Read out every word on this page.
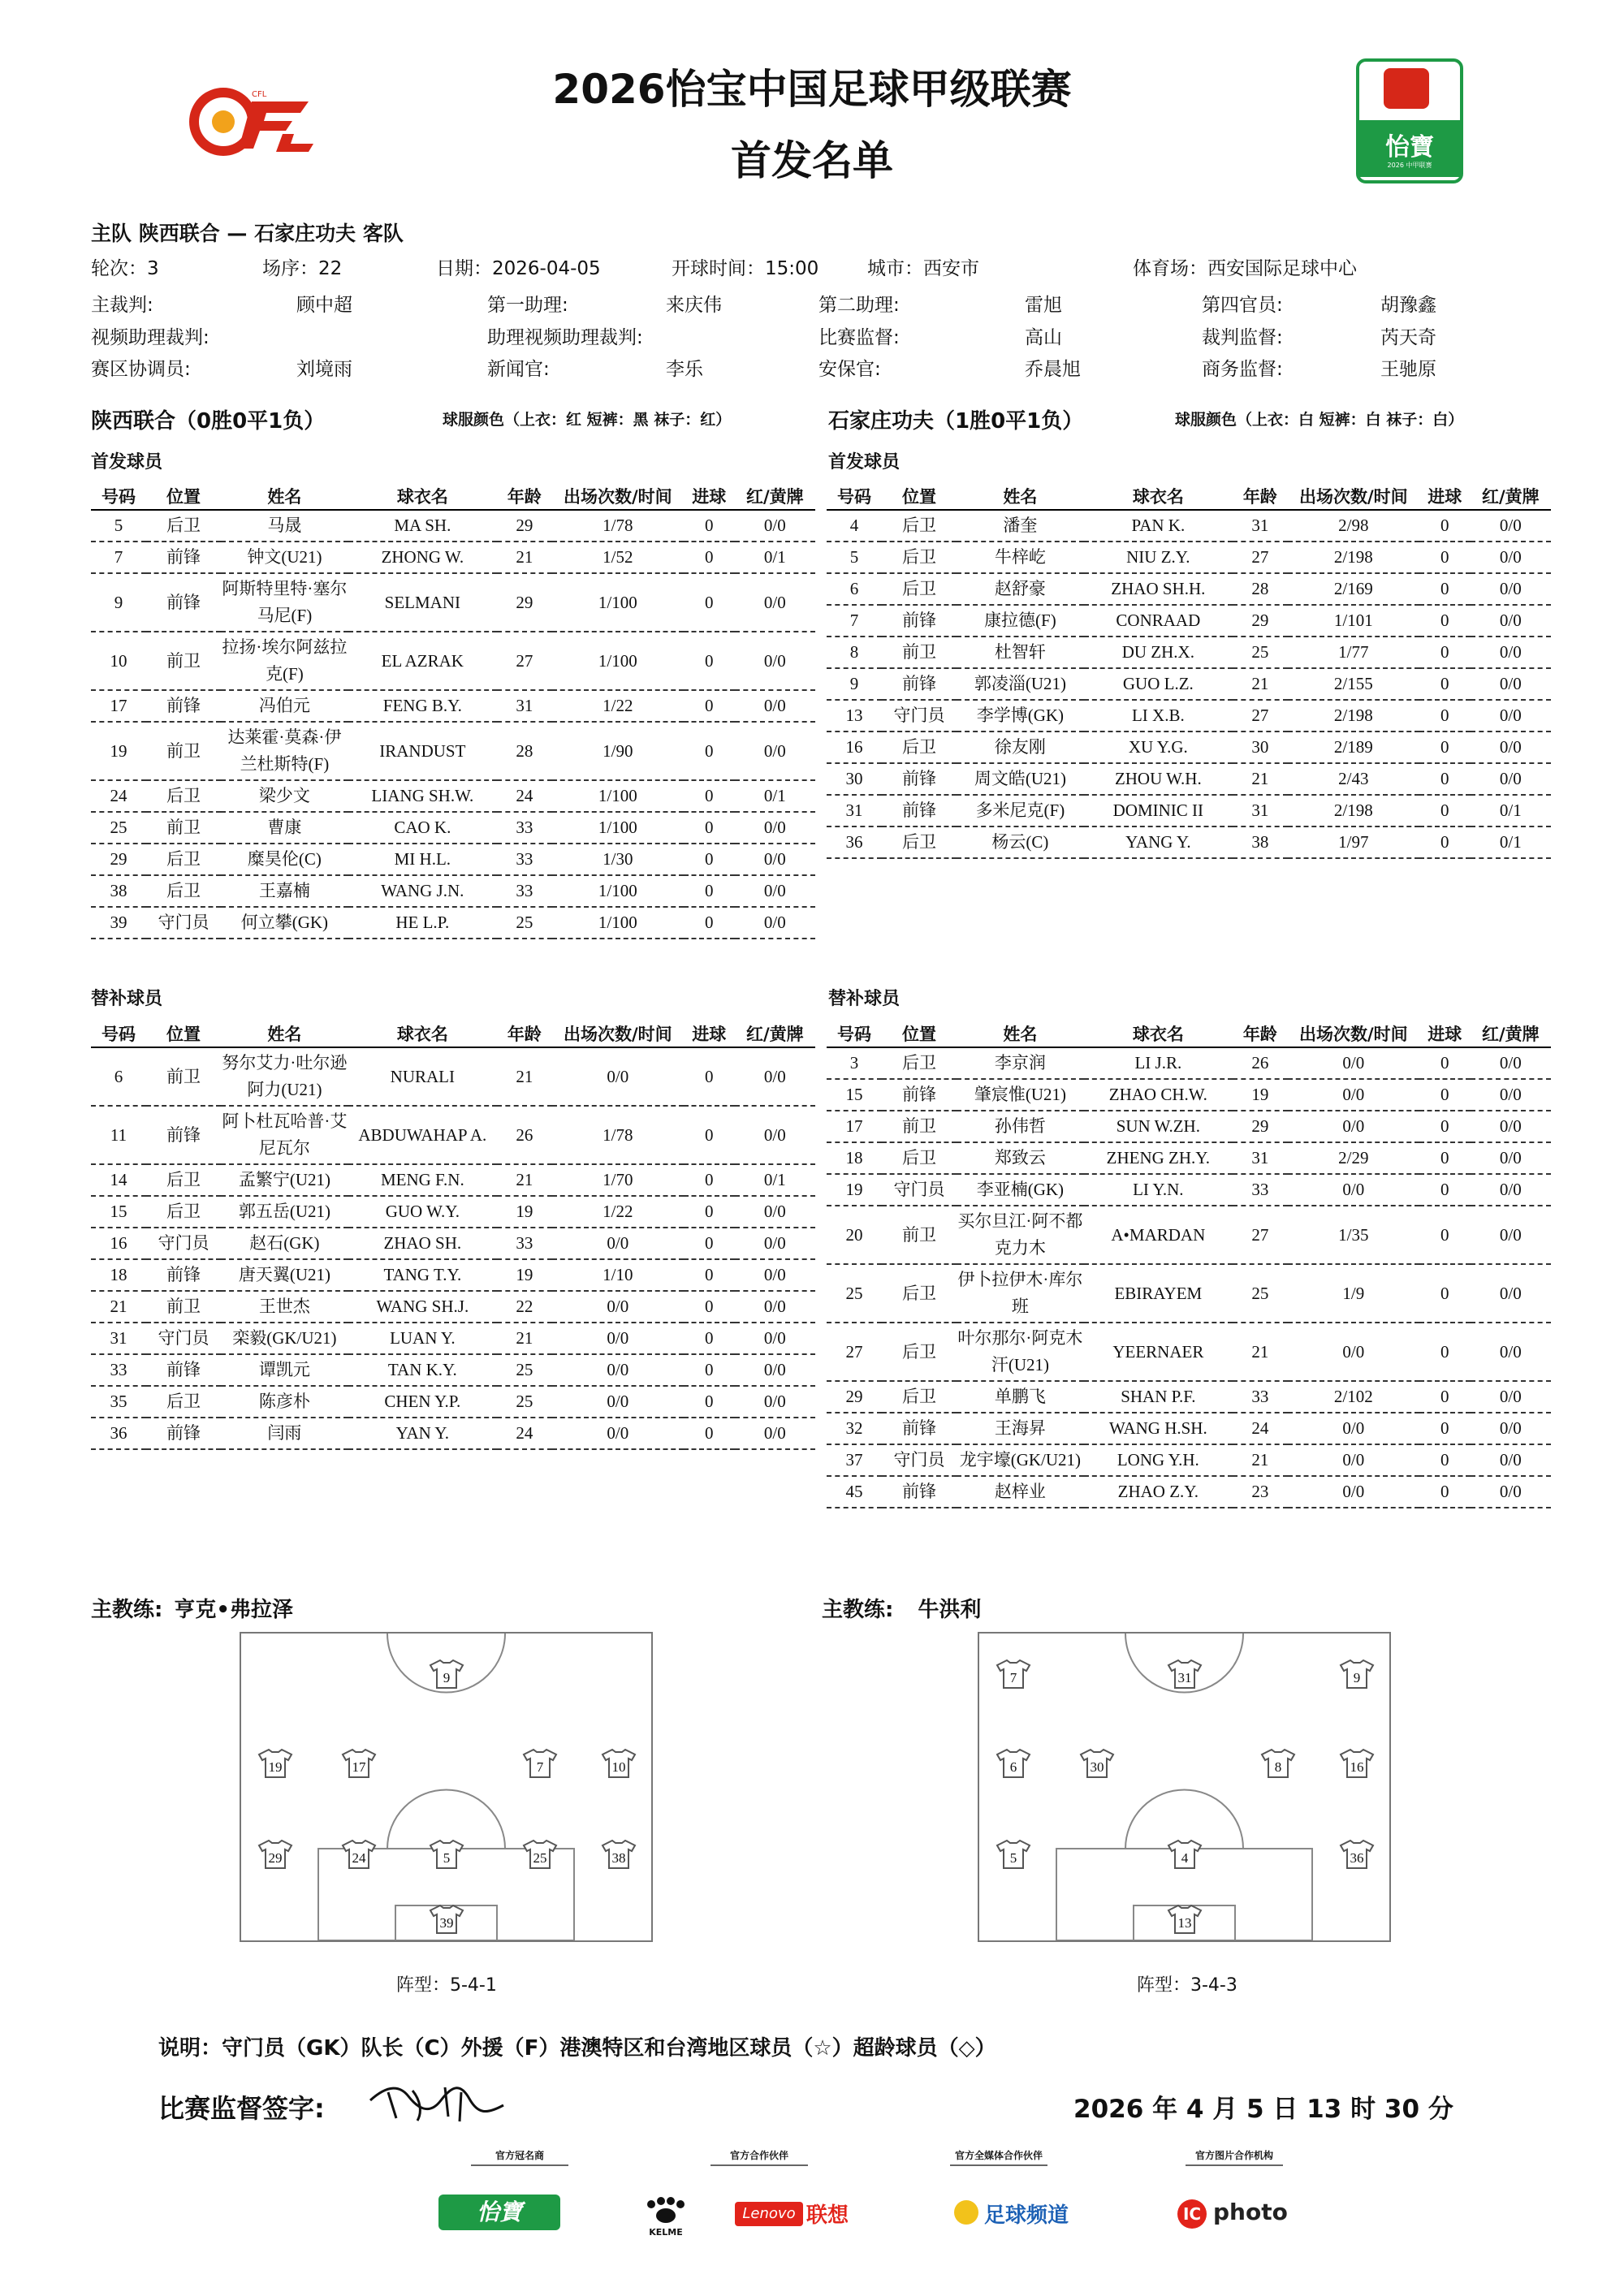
2026怡宝中国足球甲级联赛
首发名单
CFL
怡寶
2026 中甲联赛
主队 陕西联合 — 石家庄功夫 客队
轮次：3	场序：22	日期：2026-04-05	开球时间：15:00	城市：西安市	体育场：西安国际足球中心
主裁判:	顾中超	第一助理:	来庆伟	第二助理:	雷旭	第四官员:	胡豫鑫
视频助理裁判:	助理视频助理裁判:	比赛监督:	高山	裁判监督:	芮天奇
赛区协调员:	刘境雨	新闻官:	李乐	安保官:	乔晨旭	商务监督:	王驰原
陕西联合（0胜0平1负）	球服颜色（上衣：红 短裤：黑 袜子：红）	石家庄功夫（1胜0平1负）	球服颜色（上衣：白 短裤：白 袜子：白）
首发球员	首发球员
替补球员	替补球员
号码	位置	姓名	球衣名	年龄	出场次数/时间	进球	红/黄牌
5	后卫	马晟	MA SH.	29	1/78	0	0/0
7	前锋	钟文(U21)	ZHONG W.	21	1/52	0	0/1
9	前锋	阿斯特里特·塞尔马尼(F)	SELMANI	29	1/100	0	0/0
10	前卫	拉扬·埃尔阿兹拉克(F)	EL AZRAK	27	1/100	0	0/0
17	前锋	冯伯元	FENG B.Y.	31	1/22	0	0/0
19	前卫	达莱霍·莫森·伊兰杜斯特(F)	IRANDUST	28	1/90	0	0/0
24	后卫	梁少文	LIANG SH.W.	24	1/100	0	0/1
25	前卫	曹康	CAO K.	33	1/100	0	0/0
29	后卫	糜昊伦(C)	MI H.L.	33	1/30	0	0/0
38	后卫	王嘉楠	WANG J.N.	33	1/100	0	0/0
39	守门员	何立攀(GK)	HE L.P.	25	1/100	0	0/0
号码	位置	姓名	球衣名	年龄	出场次数/时间	进球	红/黄牌
4	后卫	潘奎	PAN K.	31	2/98	0	0/0
5	后卫	牛梓屹	NIU Z.Y.	27	2/198	0	0/0
6	后卫	赵舒豪	ZHAO SH.H.	28	2/169	0	0/0
7	前锋	康拉德(F)	CONRAAD	29	1/101	0	0/0
8	前卫	杜智轩	DU ZH.X.	25	1/77	0	0/0
9	前锋	郭凌淄(U21)	GUO L.Z.	21	2/155	0	0/0
13	守门员	李学博(GK)	LI X.B.	27	2/198	0	0/0
16	后卫	徐友刚	XU Y.G.	30	2/189	0	0/0
30	前锋	周文皓(U21)	ZHOU W.H.	21	2/43	0	0/0
31	前锋	多米尼克(F)	DOMINIC II	31	2/198	0	0/1
36	后卫	杨云(C)	YANG Y.	38	1/97	0	0/1
号码	位置	姓名	球衣名	年龄	出场次数/时间	进球	红/黄牌
6	前卫	努尔艾力·吐尔逊阿力(U21)	NURALI	21	0/0	0	0/0
11	前锋	阿卜杜瓦哈普·艾尼瓦尔	ABDUWAHAP A.	26	1/78	0	0/0
14	后卫	孟繁宁(U21)	MENG F.N.	21	1/70	0	0/1
15	后卫	郭五岳(U21)	GUO W.Y.	19	1/22	0	0/0
16	守门员	赵石(GK)	ZHAO SH.	33	0/0	0	0/0
18	前锋	唐天翼(U21)	TANG T.Y.	19	1/10	0	0/0
21	前卫	王世杰	WANG SH.J.	22	0/0	0	0/0
31	守门员	栾毅(GK/U21)	LUAN Y.	21	0/0	0	0/0
33	前锋	谭凯元	TAN K.Y.	25	0/0	0	0/0
35	后卫	陈彦朴	CHEN Y.P.	25	0/0	0	0/0
36	前锋	闫雨	YAN Y.	24	0/0	0	0/0
号码	位置	姓名	球衣名	年龄	出场次数/时间	进球	红/黄牌
3	后卫	李京润	LI J.R.	26	0/0	0	0/0
15	前锋	肇宸惟(U21)	ZHAO CH.W.	19	0/0	0	0/0
17	前卫	孙伟哲	SUN W.ZH.	29	0/0	0	0/0
18	后卫	郑致云	ZHENG ZH.Y.	31	2/29	0	0/0
19	守门员	李亚楠(GK)	LI Y.N.	33	0/0	0	0/0
20	前卫	买尔旦江·阿不都克力木	A•MARDAN	27	1/35	0	0/0
25	后卫	伊卜拉伊木·库尔班	EBIRAYEM	25	1/9	0	0/0
27	后卫	叶尔那尔·阿克木汗(U21)	YEERNAER	21	0/0	0	0/0
29	后卫	单鹏飞	SHAN P.F.	33	2/102	0	0/0
32	前锋	王海昇	WANG H.SH.	24	0/0	0	0/0
37	守门员	龙宇壕(GK/U21)	LONG Y.H.	21	0/0	0	0/0
45	前锋	赵梓业	ZHAO Z.Y.	23	0/0	0	0/0
主教练: 亨克•弗拉泽	主教练: 牛洪利
9
19	17	7	10
29	24	5	25	38
39
7	31	9
6	30	8	16
5	4	36
13
阵型：5-4-1	阵型：3-4-3
说明：守门员（GK）队长（C）外援（F）港澳特区和台湾地区球员（☆）超龄球员（◇）
比赛监督签字:	2026 年 4 月 5 日 13 时 30 分
官方冠名商	官方合作伙伴	官方全媒体合作伙伴	官方图片合作机构
怡寶
KELME
Lenovo 联想	足球频道	IC photo
